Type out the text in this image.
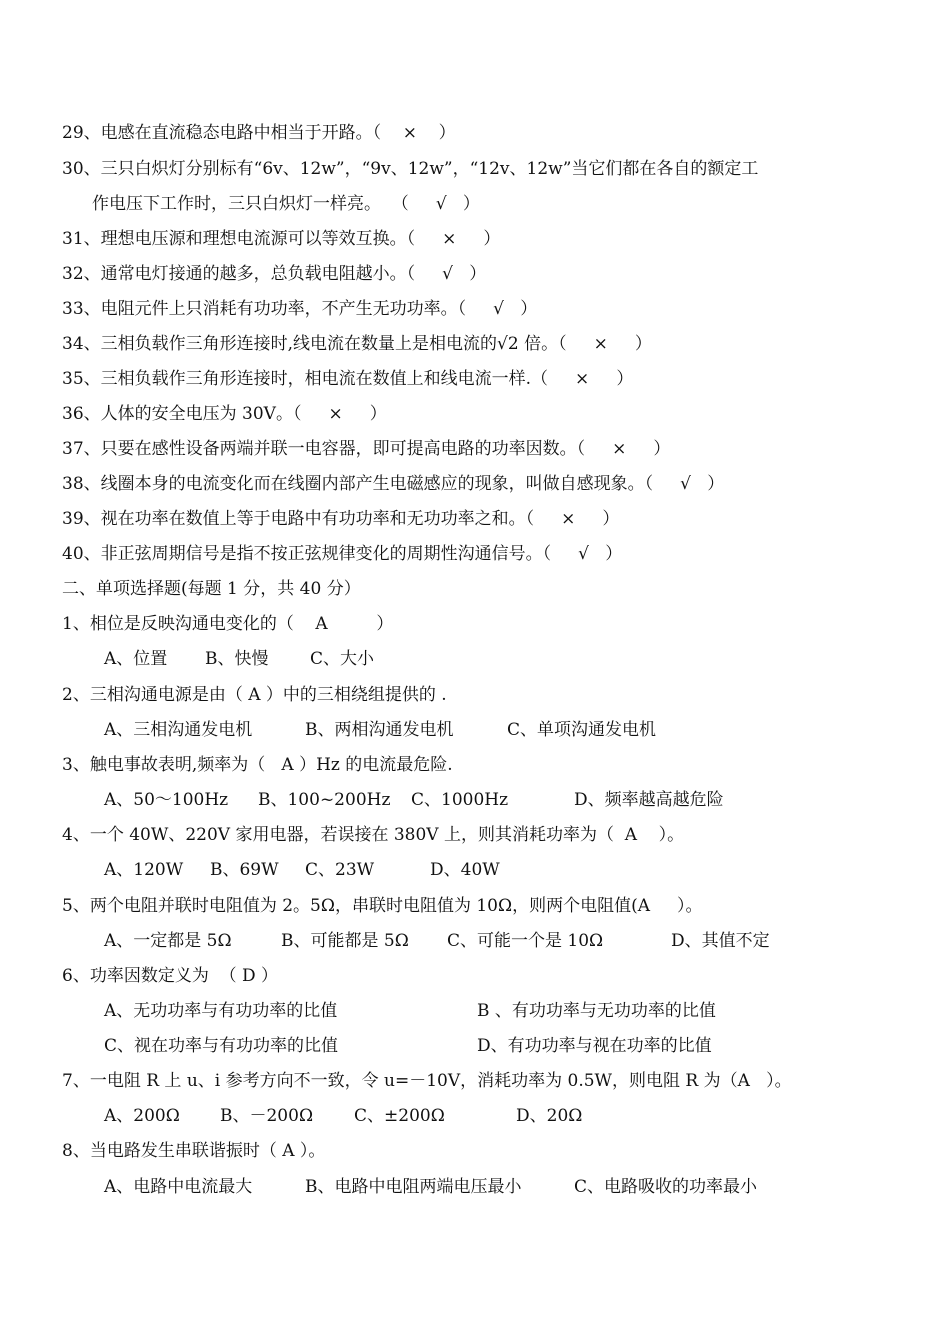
29、电感在直流稳态电路中相当于开路。（    ×    ）
30、三只白炽灯分别标有“6v、12w”，“9v、12w”，“12v、12w”当它们都在各自的额定工
作电压下工作时，三只白炽灯一样亮。  （     √   ）
31、理想电压源和理想电流源可以等效互换。（     ×     ）
32、通常电灯接通的越多，总负载电阻越小。（     √   ）
33、电阻元件上只消耗有功功率，不产生无功功率。（     √   ）
34、三相负载作三角形连接时,线电流在数量上是相电流的√2 倍。（     ×     ）
35、三相负载作三角形连接时，相电流在数值上和线电流一样.（     ×     ）
36、人体的安全电压为 30V。（     ×     ）
37、只要在感性设备两端并联一电容器，即可提高电路的功率因数。（     ×     ）
38、线圈本身的电流变化而在线圈内部产生电磁感应的现象，叫做自感现象。（     √   ）
39、视在功率在数值上等于电路中有功功率和无功功率之和。（     ×     ）
40、非正弦周期信号是指不按正弦规律变化的周期性沟通信号。（     √   ）
二、单项选择题(每题 1 分，共 40 分）
1、相位是反映沟通电变化的（    A         ）
A、位置 B、快慢 C、大小
2、三相沟通电源是由（ A ）中的三相绕组提供的 .
A、三相沟通发电机	B、两相沟通发电机	C、单项沟通发电机
3、触电事故表明,频率为（   A ）Hz 的电流最危险.
A、50～100Hz B、100~200Hz C、1000Hz	D、频率越高越危险
4、一个 40W、220V 家用电器，若误接在 380V 上，则其消耗功率为（  A    ）。
A、120W B、69W C、23W	D、40W
5、两个电阻并联时电阻值为 2。5Ω，串联时电阻值为 10Ω，则两个电阻值(A     ）。
A、一定都是 5Ω	B、可能都是 5Ω C、可能一个是 10Ω	D、其值不定
6、功率因数定义为  （ D ）
A、无功功率与有功功率的比值	B 、有功功率与无功功率的比值
C、视在功率与有功功率的比值	D、有功功率与视在功率的比值
7、一电阻 R 上 u、i 参考方向不一致，令 u=－10V，消耗功率为 0.5W，则电阻 R 为（A   ）。
A、200Ω B、－200Ω C、±200Ω	D、20Ω
8、当电路发生串联谐振时（ A ）。
A、电路中电流最大	B、电路中电阻两端电压最小	C、电路吸收的功率最小
